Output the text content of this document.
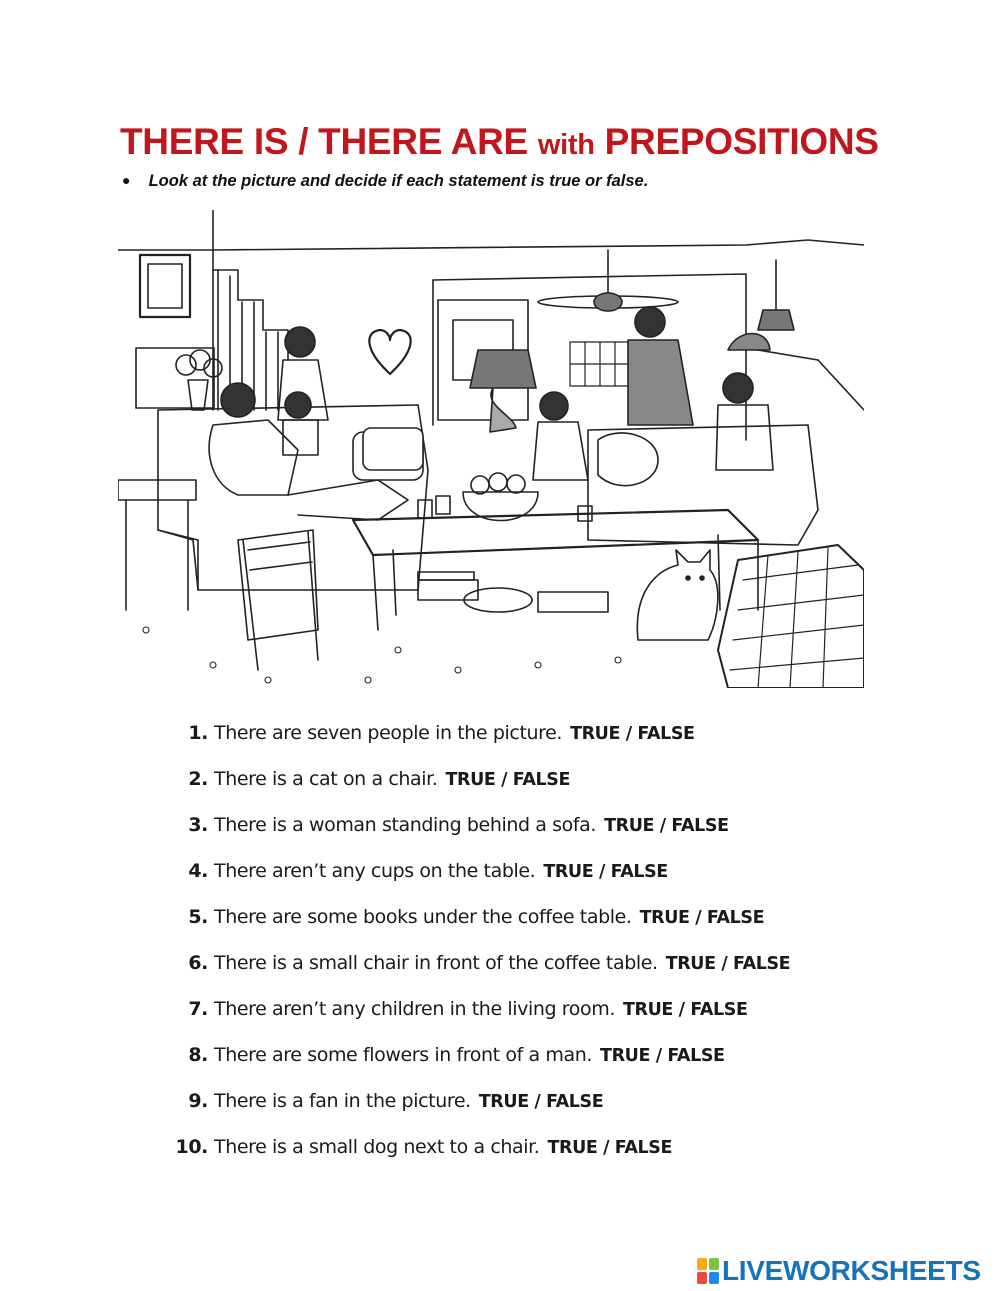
THERE IS / THERE ARE with PREPOSITIONS
● Look at the picture and decide if each statement is true or false.
1. There are seven people in the picture. TRUE / FALSE
2. There is a cat on a chair. TRUE / FALSE
3. There is a woman standing behind a sofa. TRUE / FALSE
4. There aren’t any cups on the table. TRUE / FALSE
5. There are some books under the coffee table. TRUE / FALSE
6. There is a small chair in front of the coffee table. TRUE / FALSE
7. There aren’t any children in the living room. TRUE / FALSE
8. There are some flowers in front of a man. TRUE / FALSE
9. There is a fan in the picture. TRUE / FALSE
10. There is a small dog next to a chair. TRUE / FALSE
LIVEWORKSHEETS
